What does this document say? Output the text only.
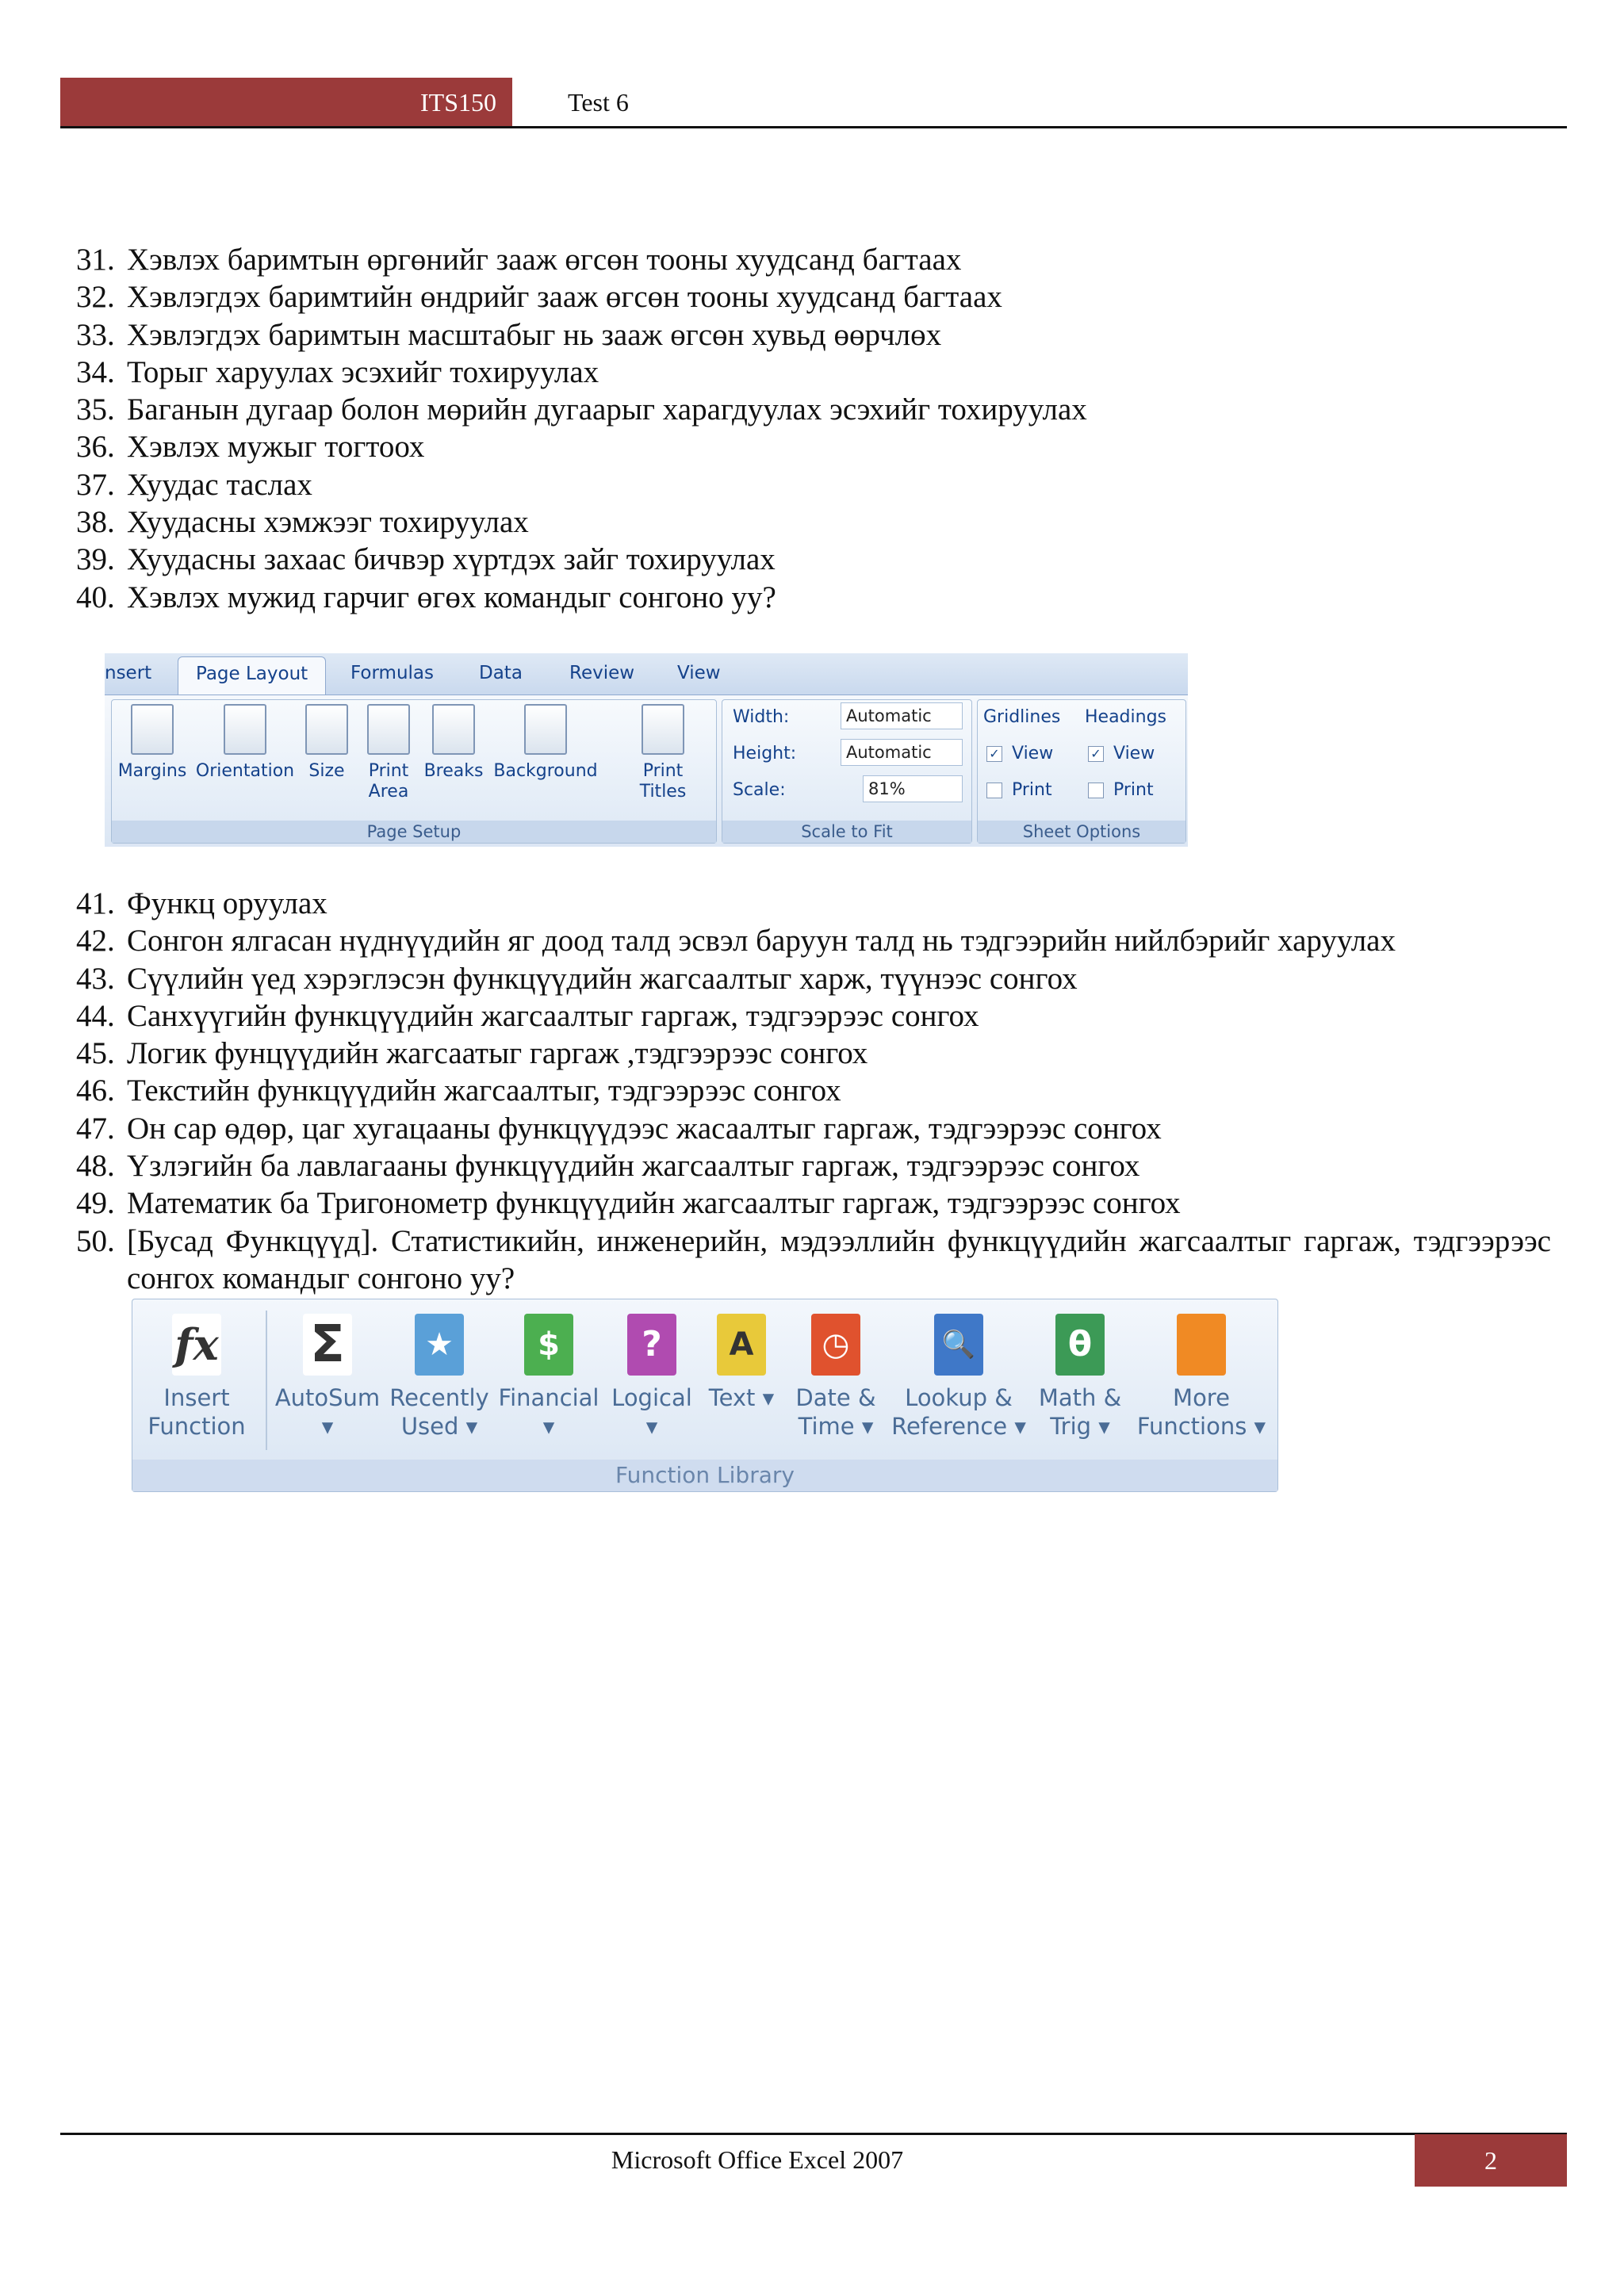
ITS150	Test 6
31. Хэвлэх баримтын өргөнийг зааж өгсөн тооны хуудсанд багтаах
32. Хэвлэгдэх баримтийн өндрийг зааж өгсөн тооны хуудсанд багтаах
33. Хэвлэгдэх баримтын масштабыг нь зааж өгсөн хувьд өөрчлөх
34. Торыг харуулах эсэхийг тохируулах
35. Баганын дугаар болон мөрийн дугаарыг харагдуулах эсэхийг тохируулах
36. Хэвлэх мужыг тогтоох
37. Хуудас таслах
38. Хуудасны хэмжээг тохируулах
39. Хуудасны захаас бичвэр хүртдэх зайг тохируулах
40. Хэвлэх мужид гарчиг өгөх командыг сонгоно уу?
nsert	Page Layout	Formulas Data	Review View
Page Setup
Margins Orientation Size	Print Area
Breaks Background	Print Titles
Scale to Fit
Width:	Automatic
Height:	Automatic
Scale:	81%
Sheet Options
Gridlines Headings
✓ View	✓ View
Print	Print
41. Функц оруулах
42. Сонгон ялгасан нүднүүдийн яг доод талд эсвэл баруун талд нь тэдгээрийн нийлбэрийг харуулах
43. Сүүлийн үед хэрэглэсэн функцүүдийн жагсаалтыг харж, түүнээс сонгох
44. Санхүүгийн функцүүдийн жагсаалтыг гаргаж, тэдгээрээс сонгох
45. Логик фунцүүдийн жагсаатыг гаргаж ,тэдгээрээс сонгох
46. Текстийн функцүүдийн жагсаалтыг, тэдгээрээс сонгох
47. Он сар өдөр, цаг хугацааны функцүүдээс жасаалтыг гаргаж, тэдгээрээс сонгох
48. Үзлэгийн ба лавлагааны функцүүдийн жагсаалтыг гаргаж, тэдгээрээс сонгох
49. Математик ба Тригонометр функцүүдийн жагсаалтыг гаргаж, тэдгээрээс сонгох
50. [Бусад Функцүүд]. Статистикийн, инженерийн, мэдээллийн функцүүдийн жагсаалтыг гаргаж, тэдгээрээс сонгох командыг сонгоно уу?
fx
Insert Function
Σ
AutoSum ▾
★
Recently Used ▾
$
Financial ▾
?
Logical ▾
A
Text ▾
◷
Date & Time ▾
🔍
Lookup & Reference ▾
θ
Math & Trig ▾
More Functions ▾
Function Library
Microsoft Office Excel 2007	2
